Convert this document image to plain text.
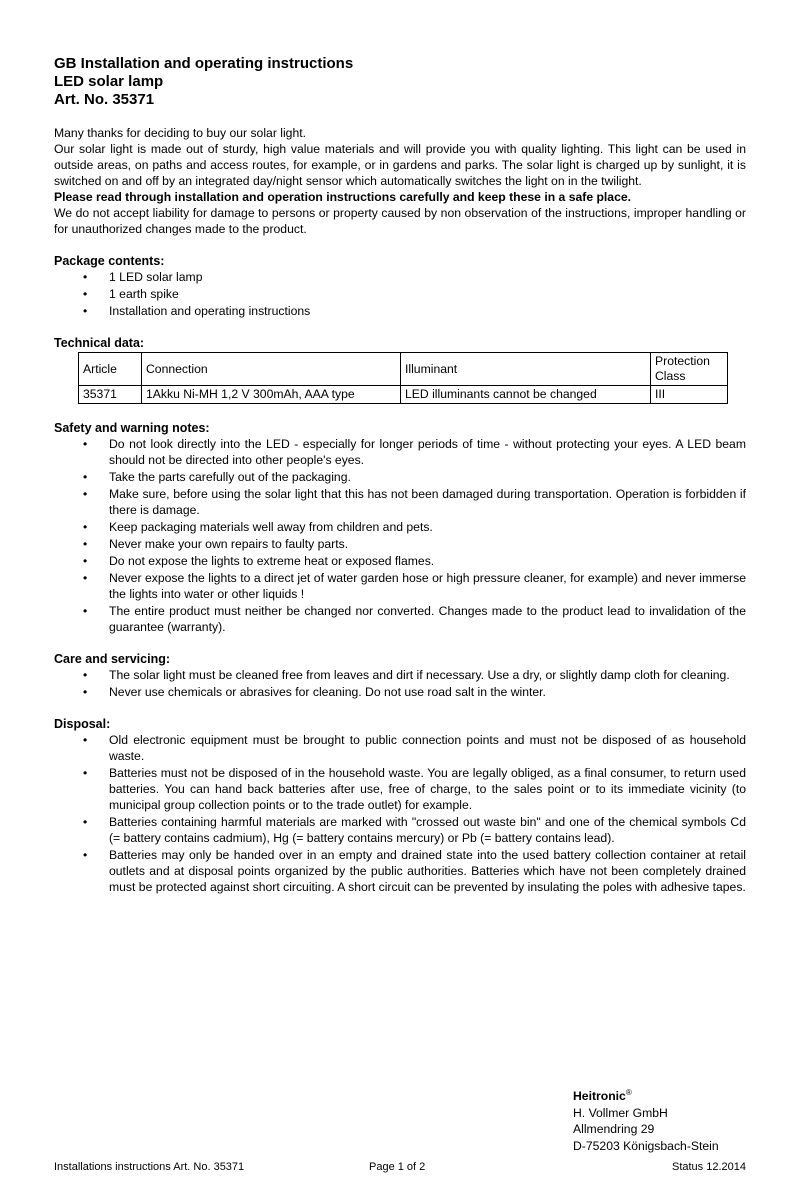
GB Installation and operating instructions
LED solar lamp
Art. No. 35371

Many thanks for deciding to buy our solar light.

Our solar light is made out of sturdy, high value materials and will provide you with quality lighting. This light can be used in outside areas, on paths and access routes, for example, or in gardens and parks. The solar light is charged up by sunlight, it is switched on and off by an integrated day/night sensor which automatically switches the light on in the twilight.

Please read through installation and operation instructions carefully and keep these in a safe place.

We do not accept liability for damage to persons or property caused by non observation of the instructions, improper handling or for unauthorized changes made to the product.

Package contents:
• 1 LED solar lamp
• 1 earth spike
• Installation and operating instructions
Technical data:
Article	Connection	Illuminant	Protection Class
35371	1Akku Ni-MH 1,2 V 300mAh, AAA type	LED illuminants cannot be changed	III
Safety and warning notes:
• Do not look directly into the LED - especially for longer periods of time - without protecting your eyes. A LED beam should not be directed into other people's eyes.
• Take the parts carefully out of the packaging.
• Make sure, before using the solar light that this has not been damaged during transportation. Operation is forbidden if there is damage.
• Keep packaging materials well away from children and pets.
• Never make your own repairs to faulty parts.
• Do not expose the lights to extreme heat or exposed flames.
• Never expose the lights to a direct jet of water garden hose or high pressure cleaner, for example) and never immerse the lights into water or other liquids !
• The entire product must neither be changed nor converted. Changes made to the product lead to invalidation of the guarantee (warranty).
Care and servicing:
• The solar light must be cleaned free from leaves and dirt if necessary. Use a dry, or slightly damp cloth for cleaning.
• Never use chemicals or abrasives for cleaning. Do not use road salt in the winter.
Disposal:
• Old electronic equipment must be brought to public connection points and must not be disposed of as household waste.
• Batteries must not be disposed of in the household waste. You are legally obliged, as a final consumer, to return used batteries. You can hand back batteries after use, free of charge, to the sales point or to its immediate vicinity (to municipal group collection points or to the trade outlet) for example.
• Batteries containing harmful materials are marked with "crossed out waste bin" and one of the chemical symbols Cd (= battery contains cadmium), Hg (= battery contains mercury) or Pb (= battery contains lead).
• Batteries may only be handed over in an empty and drained state into the used battery collection container at retail outlets and at disposal points organized by the public authorities. Batteries which have not been completely drained must be protected against short circuiting. A short circuit can be prevented by insulating the poles with adhesive tapes.
Heitronic®
H. Vollmer GmbH
Allmendring 29
D-75203 Königsbach-Stein
Installations instructions Art. No. 35371	Page 1 of 2	Status 12.2014
